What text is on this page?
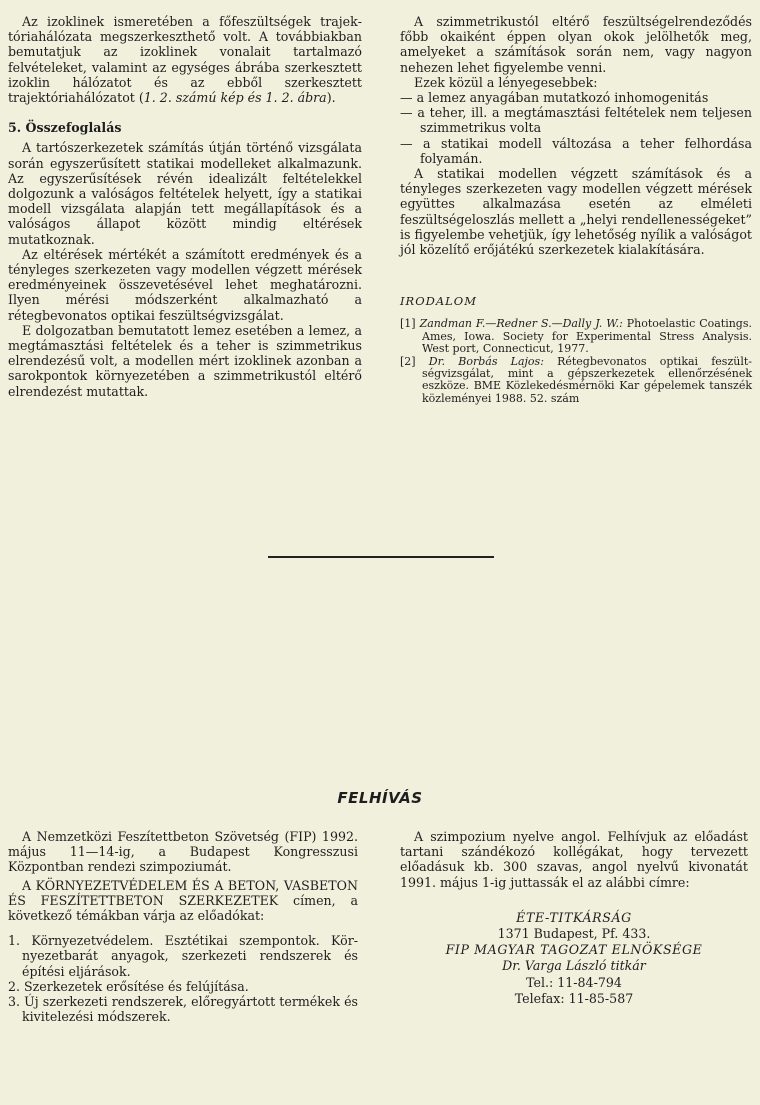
Az izoklinek ismeretében a főfeszültségek trajektóriahálózata megszerkeszthető volt. A továbbiakban bemutatjuk az izoklinek vonalait tartalmazó felvételeket, valamint az egységes ábrába szerkesztett izoklin hálózatot és az ebből szerkesztett trajektóriahálózatot (1. 2. számú kép és 1. 2. ábra).

5. Összefoglalás

A tartószerkezetek számítás útján történő vizsgálata során egyszerűsített statikai modelleket alkalmazunk. Az egyszerűsítések révén idealizált feltételekkel dolgozunk a valóságos feltételek helyett, így a statikai modell vizsgálata alapján tett megállapítások és a valóságos állapot között mindig eltérések mutatkoznak.

Az eltérések mértékét a számított eredmények és a tényleges szerkezeten vagy modellen végzett mérések eredményeinek összevetésével lehet meghatározni. Ilyen mérési módszerként alkalmazható a rétegbevonatos optikai feszültségvizsgálat.

E dolgozatban bemutatott lemez esetében a lemez, a megtámasztási feltételek és a teher is szimmetrikus elrendezésű volt, a modellen mért izoklinek azonban a sarokpontok környezetében a szimmetrikustól eltérő elrendezést mutattak.

A szimmetrikustól eltérő feszültségelrendeződés főbb okaiként éppen olyan okok jelölhetők meg, amelyeket a számítások során nem, vagy nagyon nehezen lehet figyelembe venni.

Ezek közül a lényegesebbek:

— a lemez anyagában mutatkozó inhomogenitás
— a teher, ill. a megtámasztási feltételek nem teljesen szimmetrikus volta
— a statikai modell változása a teher felhordása folyamán.

A statikai modellen végzett számítások és a tényleges szerkezeten vagy modellen végzett mérések együttes alkalmazása esetén az elméleti feszültségeloszlás mellett a „helyi rendellenességeket” is figyelembe vehetjük, így lehetőség nyílik a valóságot jól közelítő erőjátékú szerkezetek kialakítására.

IRODALOM
[1] Zandman F.—Redner S.—Dally J. W.: Photoelastic Coatings. Ames, Iowa. Society for Experimental Stress Analysis. West port, Connecticut, 1977.
[2] Dr. Borbás Lajos: Rétegbevonatos optikai feszültségvizsgálat, mint a gépszerkezetek ellenőrzésének eszköze. BME Közlekedésmérnöki Kar gépelemek tanszék közleményei 1988. 52. szám
FELHÍVÁS

A Nemzetközi Feszítettbeton Szövetség (FIP) 1992. május 11—14-ig, a Budapest Kongresszusi Központban rendezi szimpoziumát.

A KÖRNYEZETVÉDELEM ÉS A BETON, VASBETON ÉS FESZÍTETTBETON SZERKEZETEK címen, a következő témákban várja az előadókat:

1. Környezetvédelem. Esztétikai szempontok. Környezetbarát anyagok, szerkezeti rendszerek és építési eljárások.
2. Szerkezetek erősítése és felújítása.
3. Új szerkezeti rendszerek, előregyártott termékek és kivitelezési módszerek.

A szimpozium nyelve angol. Felhívjuk az előadást tartani szándékozó kollégákat, hogy tervezett előadásuk kb. 300 szavas, angol nyelvű kivonatát 1991. május 1-ig juttassák el az alábbi címre:

ÉTE-TITKÁRSÁG
1371 Budapest, Pf. 433.
FIP MAGYAR TAGOZAT ELNÖKSÉGE
Dr. Varga László titkár
Tel.: 11-84-794
Telefax: 11-85-587
